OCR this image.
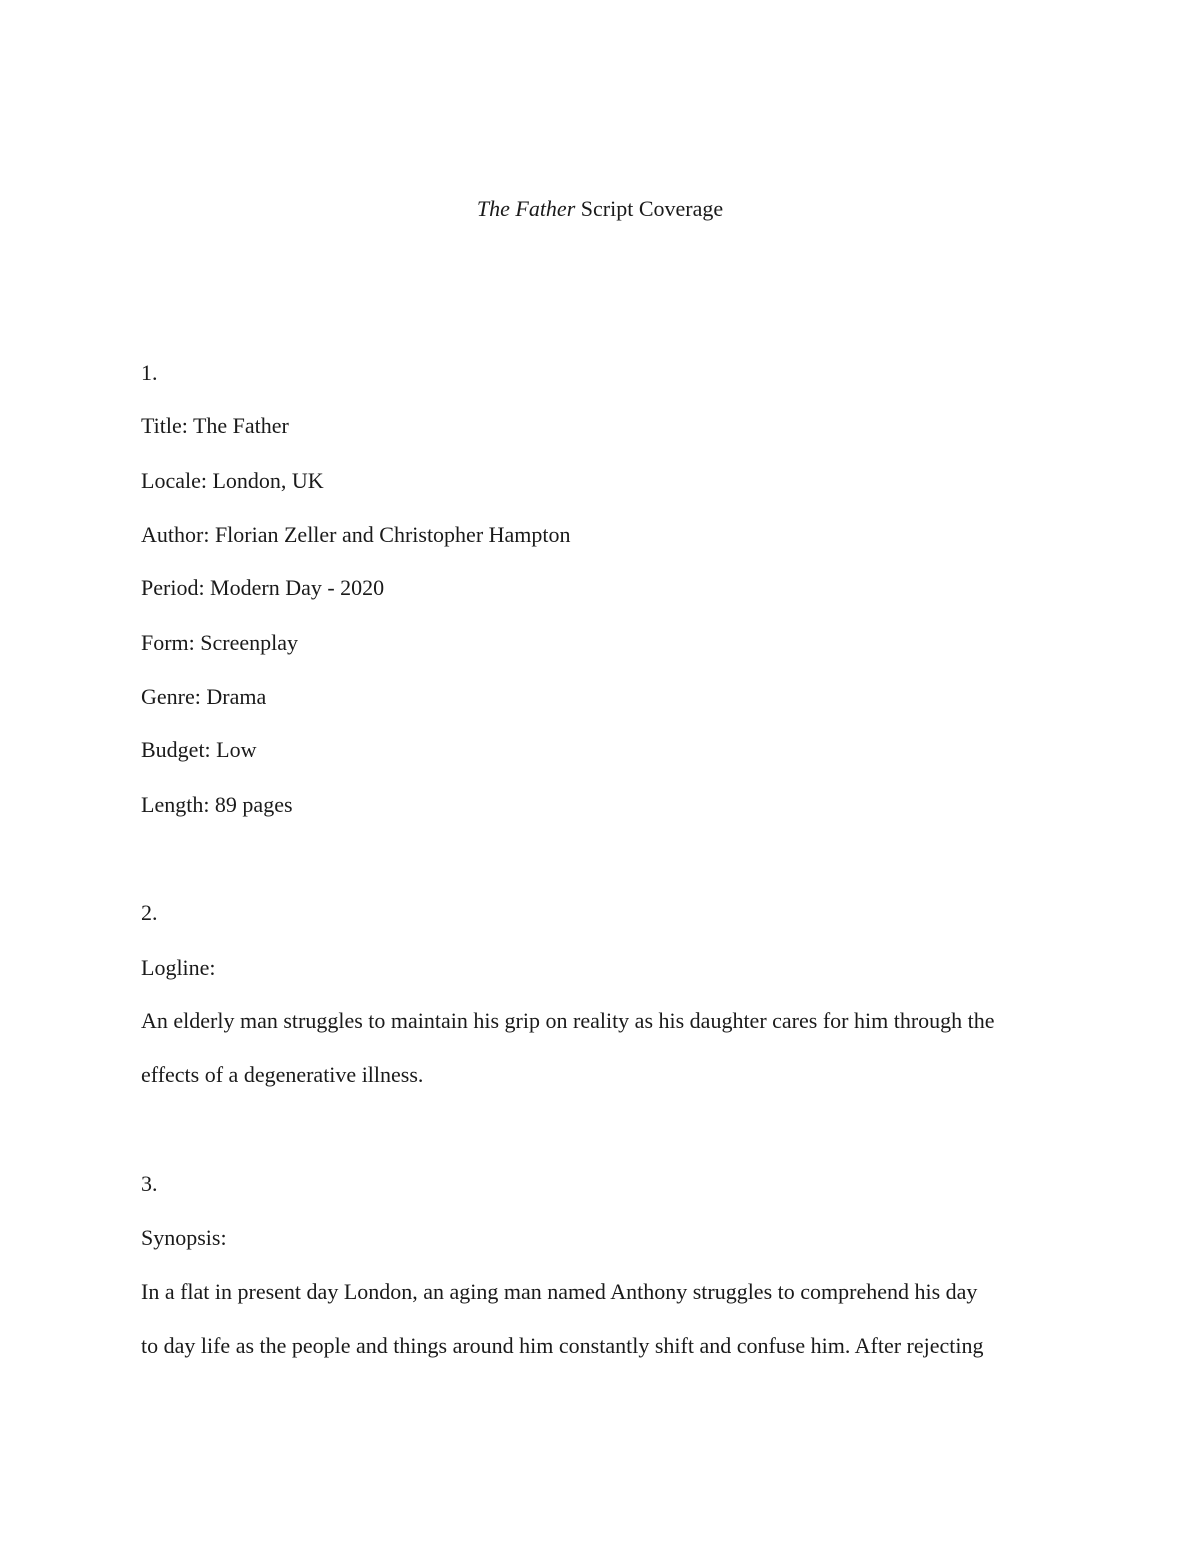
The Father Script Coverage
1.
Title: The Father
Locale: London, UK
Author: Florian Zeller and Christopher Hampton
Period: Modern Day - 2020
Form: Screenplay
Genre: Drama
Budget: Low
Length: 89 pages
2.
Logline:
An elderly man struggles to maintain his grip on reality as his daughter cares for him through the
effects of a degenerative illness.
3.
Synopsis:
In a flat in present day London, an aging man named Anthony struggles to comprehend his day
to day life as the people and things around him constantly shift and confuse him. After rejecting
